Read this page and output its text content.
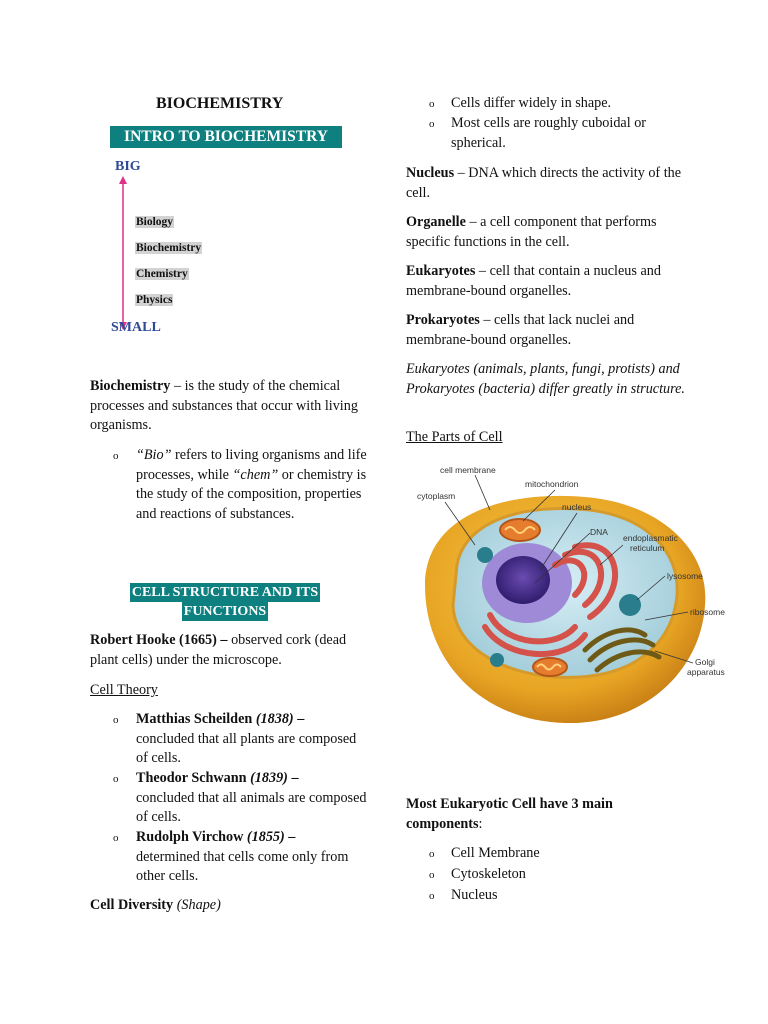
BIOCHEMISTRY
INTRO TO BIOCHEMISTRY
BIG
Biology
Biochemistry
Chemistry
Physics
SMALL
Biochemistry – is the study of the chemical processes and substances that occur with living organisms.
o “Bio” refers to living organisms and life processes, while “chem” or chemistry is the study of the composition, properties and reactions of substances.
CELL STRUCTURE AND ITS
FUNCTIONS
Robert Hooke (1665) – observed cork (dead plant cells) under the microscope.
Cell Theory
o Matthias Scheilden (1838) –
concluded that all plants are composed of cells.
o Theodor Schwann (1839) –
concluded that all animals are composed of cells.
o Rudolph Virchow (1855) –
determined that cells come only from other cells.
Cell Diversity (Shape)
o Cells differ widely in shape.
o Most cells are roughly cuboidal or spherical.
Nucleus – DNA which directs the activity of the cell.
Organelle – a cell component that performs specific functions in the cell.
Eukaryotes – cell that contain a nucleus and membrane-bound organelles.
Prokaryotes – cells that lack nuclei and membrane-bound organelles.
Eukaryotes (animals, plants, fungi, protists) and Prokaryotes (bacteria) differ greatly in structure.
The Parts of Cell
cell membrane
mitochondrion
cytoplasm
nucleus
DNA
endoplasmatic
reticulum
lysosome
ribosome
Golgi
apparatus
Most Eukaryotic Cell have 3 main components:
o Cell Membrane
o Cytoskeleton
o Nucleus
